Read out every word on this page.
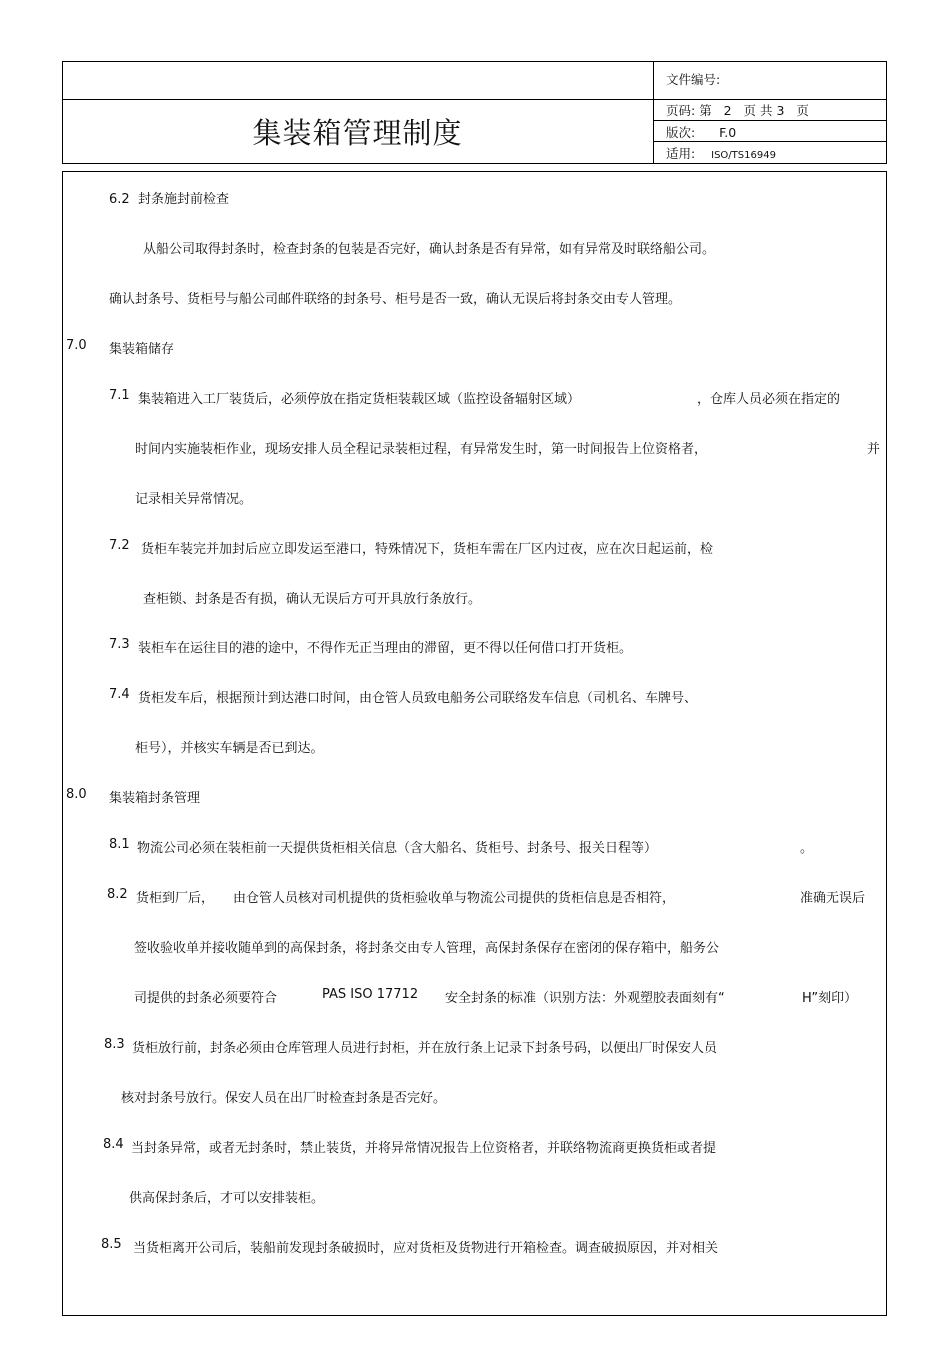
集装箱管理制度
文件编号:
页码: 第 2 页 共 3 页
版次: F.0
适用: ISO/TS16949
6.2 封条施封前检查
从船公司取得封条时，检查封条的包装是否完好，确认封条是否有异常，如有异常及时联络船公司。
确认封条号、货柜号与船公司邮件联络的封条号、柜号是否一致，确认无误后将封条交由专人管理。
7.0 集装箱储存
7.1 集装箱进入工厂装货后，必须停放在指定货柜装载区域（监控设备辐射区域）	，仓库人员必须在指定的
时间内实施装柜作业，现场安排人员全程记录装柜过程，有异常发生时，第一时间报告上位资格者，	并
记录相关异常情况。
7.2 货柜车装完并加封后应立即发运至港口，特殊情况下，货柜车需在厂区内过夜，应在次日起运前，检
查柜锁、封条是否有损，确认无误后方可开具放行条放行。
7.3 装柜车在运往目的港的途中，不得作无正当理由的滞留，更不得以任何借口打开货柜。
7.4 货柜发车后，根据预计到达港口时间，由仓管人员致电船务公司联络发车信息（司机名、车牌号、
柜号），并核实车辆是否已到达。
8.0 集装箱封条管理
8.1 物流公司必须在装柜前一天提供货柜相关信息（含大船名、货柜号、封条号、报关日程等）	。
8.2 货柜到厂后， 由仓管人员核对司机提供的货柜验收单与物流公司提供的货柜信息是否相符，	准确无误后
签收验收单并接收随单到的高保封条，将封条交由专人管理，高保封条保存在密闭的保存箱中，船务公
司提供的封条必须要符合	PAS ISO 17712 安全封条的标准（识别方法：外观塑胶表面刻有“	H”刻印）
8.3 货柜放行前，封条必须由仓库管理人员进行封柜，并在放行条上记录下封条号码，以便出厂时保安人员
核对封条号放行。保安人员在出厂时检查封条是否完好。
8.4 当封条异常，或者无封条时，禁止装货，并将异常情况报告上位资格者，并联络物流商更换货柜或者提
供高保封条后，才可以安排装柜。
8.5 当货柜离开公司后，装船前发现封条破损时，应对货柜及货物进行开箱检查。调查破损原因，并对相关
